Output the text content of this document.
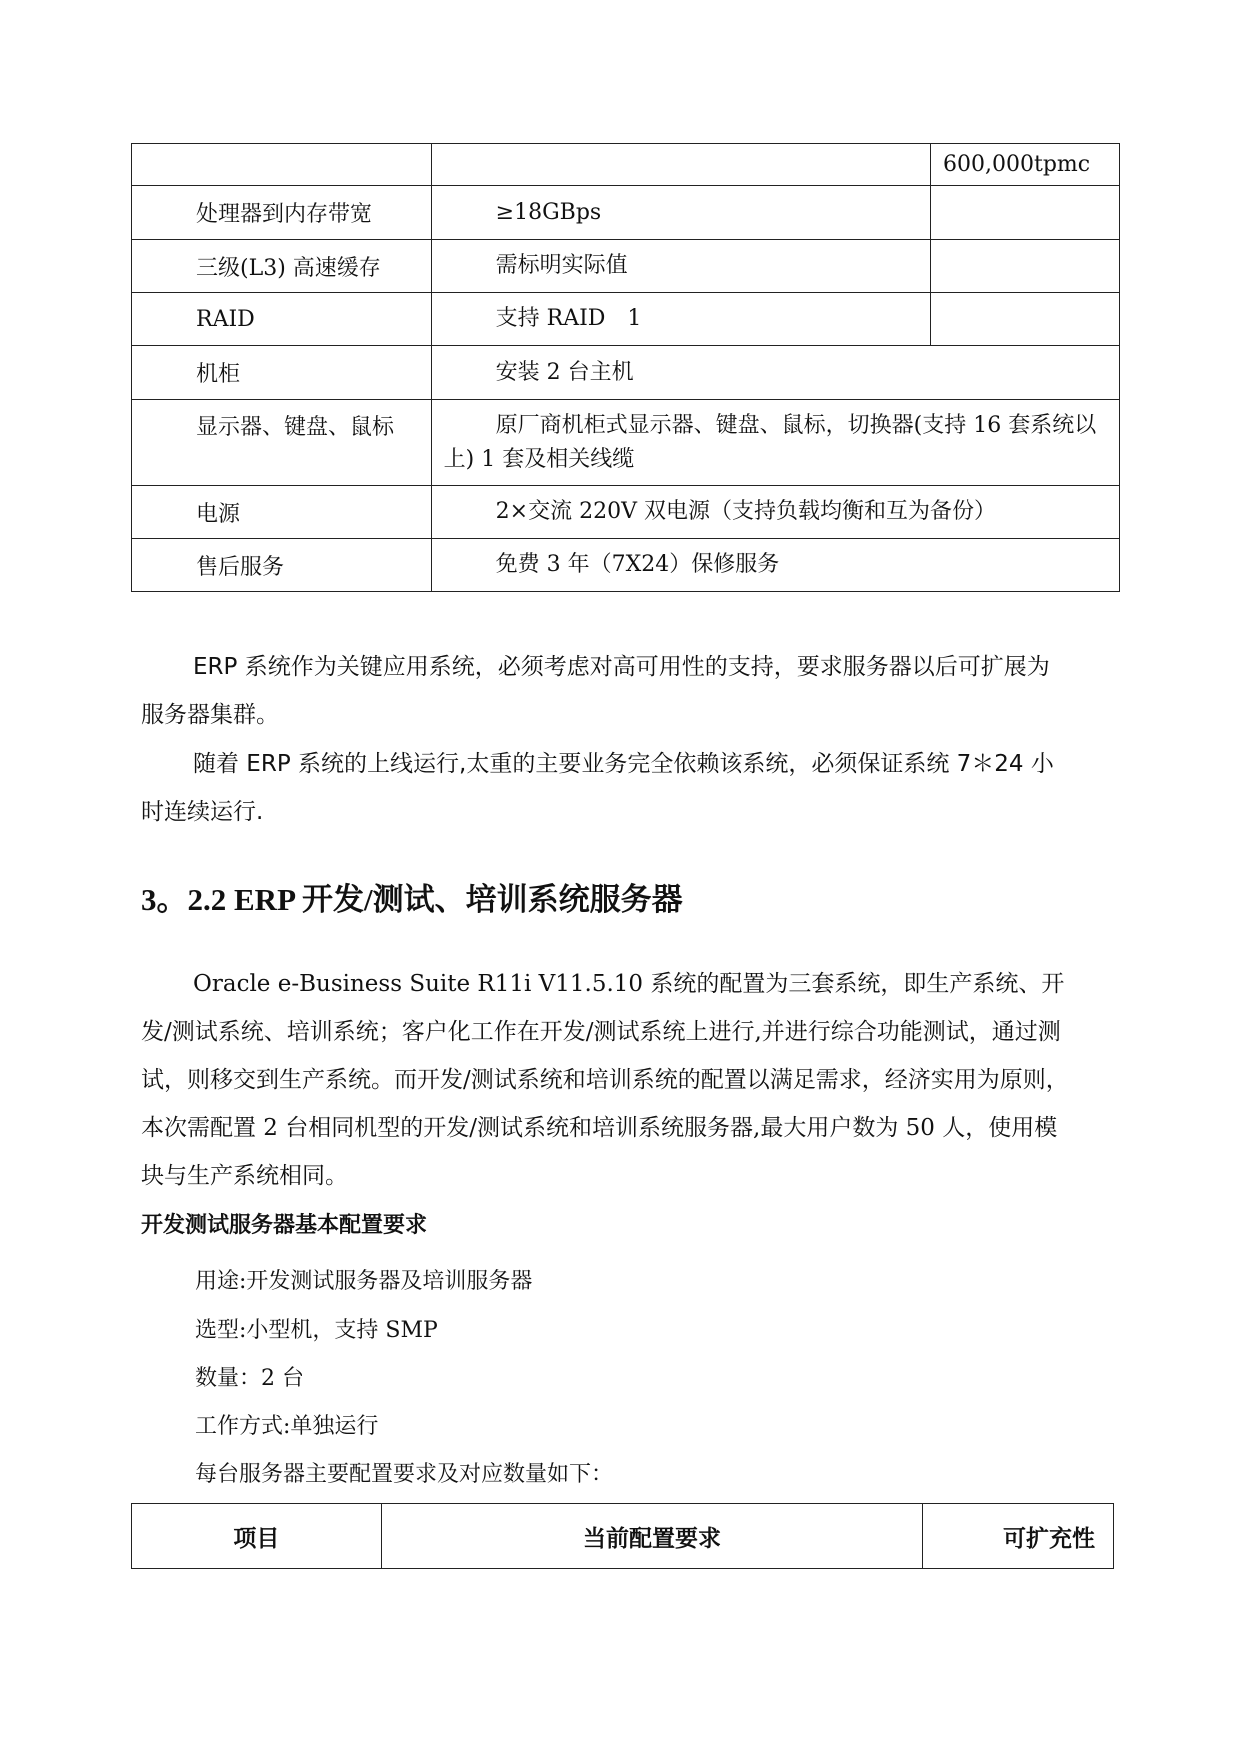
		600,000tpmc
处理器到内存带宽	≥18GBps	
三级(L3) 高速缓存	需标明实际值	
RAID	支持 RAID　1	
机柜	安装 2 台主机	
显示器、键盘、鼠标	原厂商机柜式显示器、键盘、鼠标，切换器(支持 16 套系统以上) 1 套及相关线缆	
电源	2×交流 220V 双电源（支持负载均衡和互为备份）	
售后服务	免费 3 年（7X24）保修服务	

ERP 系统作为关键应用系统，必须考虑对高可用性的支持，要求服务器以后可扩展为服务器集群。

随着 ERP 系统的上线运行,太重的主要业务完全依赖该系统，必须保证系统 7＊24 小时连续运行.

3。2.2 ERP 开发/测试、培训系统服务器

Oracle e-Business Suite R11i V11.5.10 系统的配置为三套系统，即生产系统、开发/测试系统、培训系统；客户化工作在开发/测试系统上进行,并进行综合功能测试，通过测试，则移交到生产系统。而开发/测试系统和培训系统的配置以满足需求，经济实用为原则，本次需配置 2 台相同机型的开发/测试系统和培训系统服务器,最大用户数为 50 人，使用模块与生产系统相同。

开发测试服务器基本配置要求

用途:开发测试服务器及培训服务器

选型:小型机，支持 SMP

数量：2 台

工作方式:单独运行

每台服务器主要配置要求及对应数量如下：

项目	当前配置要求	可扩充性
